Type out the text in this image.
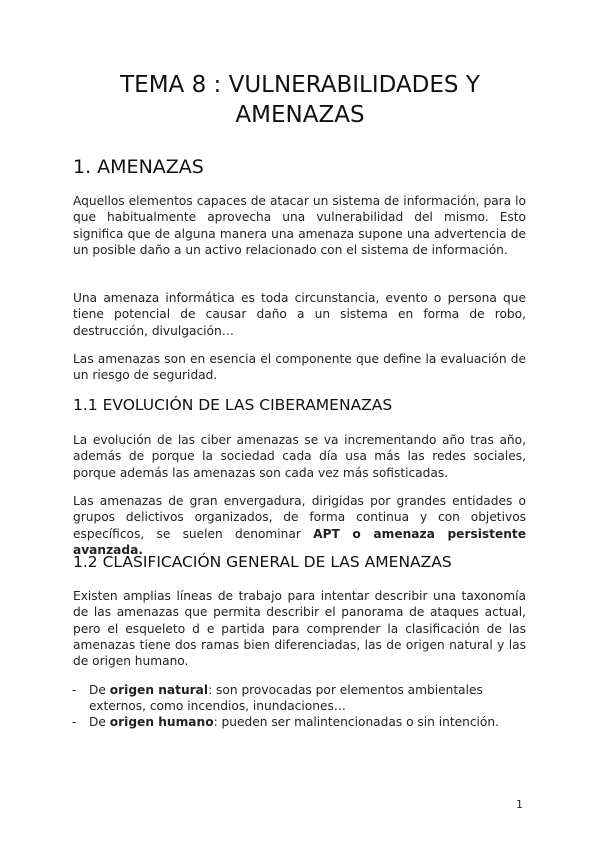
TEMA 8 : VULNERABILIDADES Y AMENAZAS
1. AMENAZAS

Aquellos elementos capaces de atacar un sistema de información, para lo que habitualmente aprovecha una vulnerabilidad del mismo. Esto significa que de alguna manera una amenaza supone una advertencia de un posible daño a un activo relacionado con el sistema de información.

Una amenaza informática es toda circunstancia, evento o persona que tiene potencial de causar daño a un sistema en forma de robo, destrucción, divulgación…

Las amenazas son en esencia el componente que define la evaluación de un riesgo de seguridad.

1.1 EVOLUCIÓN DE LAS CIBERAMENAZAS

La evolución de las ciber amenazas se va incrementando año tras año, además de porque la sociedad cada día usa más las redes sociales, porque además las amenazas son cada vez más sofisticadas.

Las amenazas de gran envergadura, dirigidas por grandes entidades o grupos delictivos organizados, de forma continua y con objetivos específicos, se suelen denominar APT o amenaza persistente avanzada.

1.2 CLASIFICACIÓN GENERAL DE LAS AMENAZAS

Existen amplias líneas de trabajo para intentar describir una taxonomía de las amenazas que permita describir el panorama de ataques actual, pero el esqueleto d e partida para comprender la clasificación de las amenazas tiene dos ramas bien diferenciadas, las de origen natural y las de origen humano.

- De origen natural: son provocadas por elementos ambientales externos, como incendios, inundaciones…
- De origen humano: pueden ser malintencionadas o sin intención.
1
